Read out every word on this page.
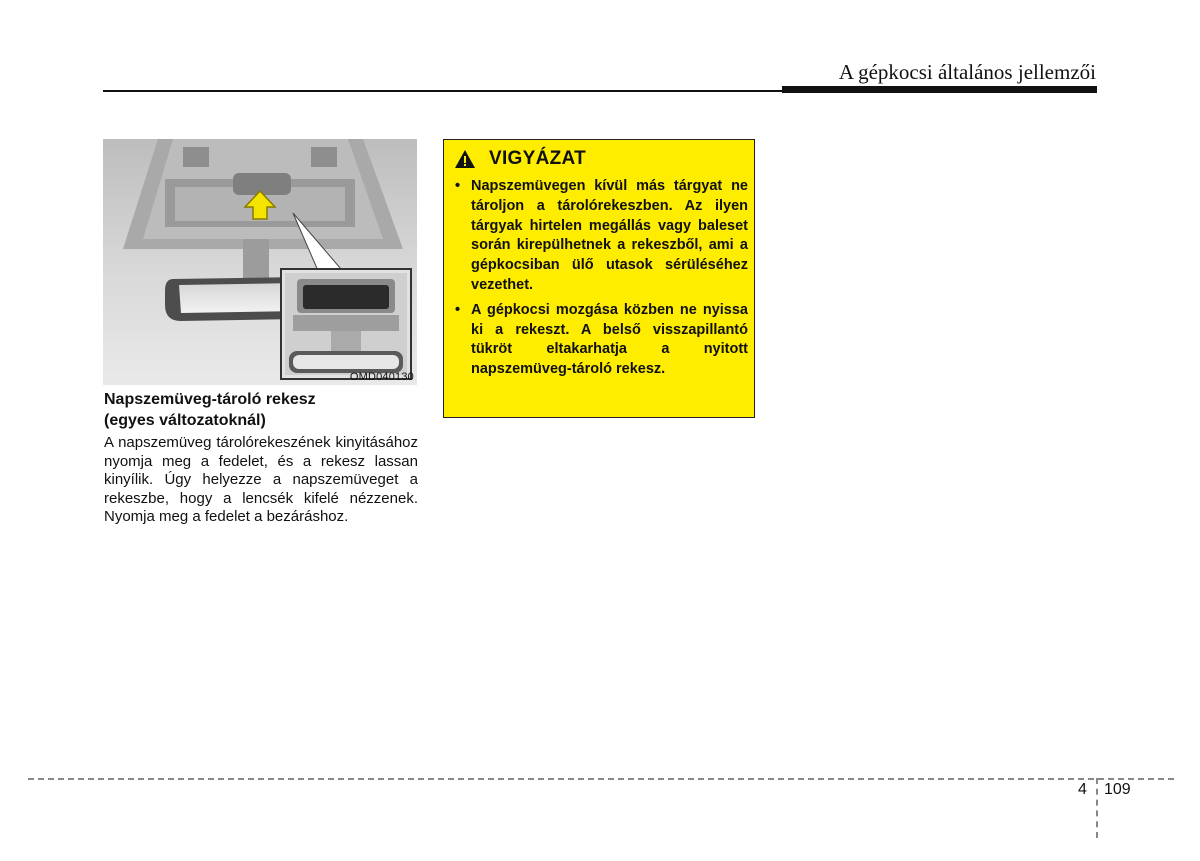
A gépkocsi általános jellemzői
OMD040130
Napszemüveg-tároló rekesz
(egyes változatoknál)
A napszemüveg tárolórekeszének kinyitásához nyomja meg a fedelet, és a rekesz lassan kinyílik. Úgy helyezze a napszemüveget a rekeszbe, hogy a lencsék kifelé nézzenek. Nyomja meg a fedelet a bezáráshoz.
VIGYÁZAT
• Napszemüvegen kívül más tárgyat ne tároljon a tárolórekeszben. Az ilyen tárgyak hirtelen megállás vagy baleset során kirepülhetnek a rekeszből, ami a gépkocsiban ülő utasok sérüléséhez vezethet.
• A gépkocsi mozgása közben ne nyissa ki a rekeszt. A belső visszapillantó tükröt eltakarhatja a nyitott napszemüveg-tároló rekesz.
4 109
